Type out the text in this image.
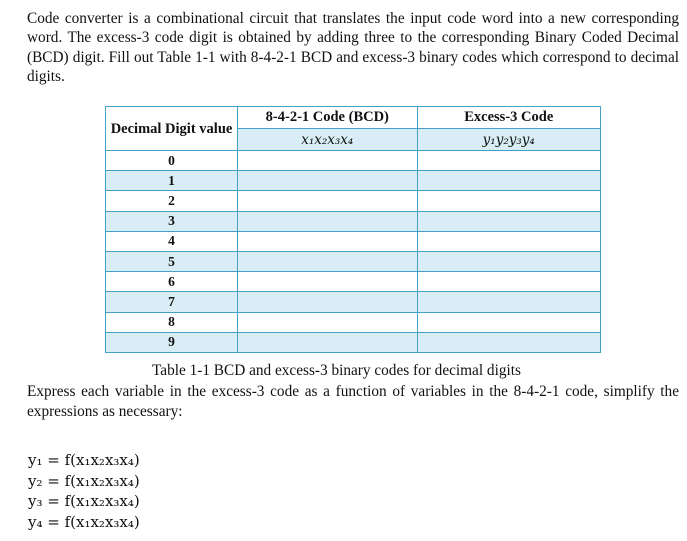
Code converter is a combinational circuit that translates the input code word into a new corresponding word. The excess-3 code digit is obtained by adding three to the corresponding Binary Coded Decimal (BCD) digit. Fill out Table 1-1 with 8-4-2-1 BCD and excess-3 binary codes which correspond to decimal digits.

Decimal Digit value	8-4-2-1 Code (BCD)	Excess-3 Code
	x₁x₂x₃x₄	y₁y₂y₃y₄
0		
1		
2		
3		
4		
5		
6		
7		
8		
9		

Table 1-1 BCD and excess-3 binary codes for decimal digits

Express each variable in the excess-3 code as a function of variables in the 8-4-2-1 code, simplify the expressions as necessary:

y₁ = f(x₁x₂x₃x₄)
y₂ = f(x₁x₂x₃x₄)
y₃ = f(x₁x₂x₃x₄)
y₄ = f(x₁x₂x₃x₄)
